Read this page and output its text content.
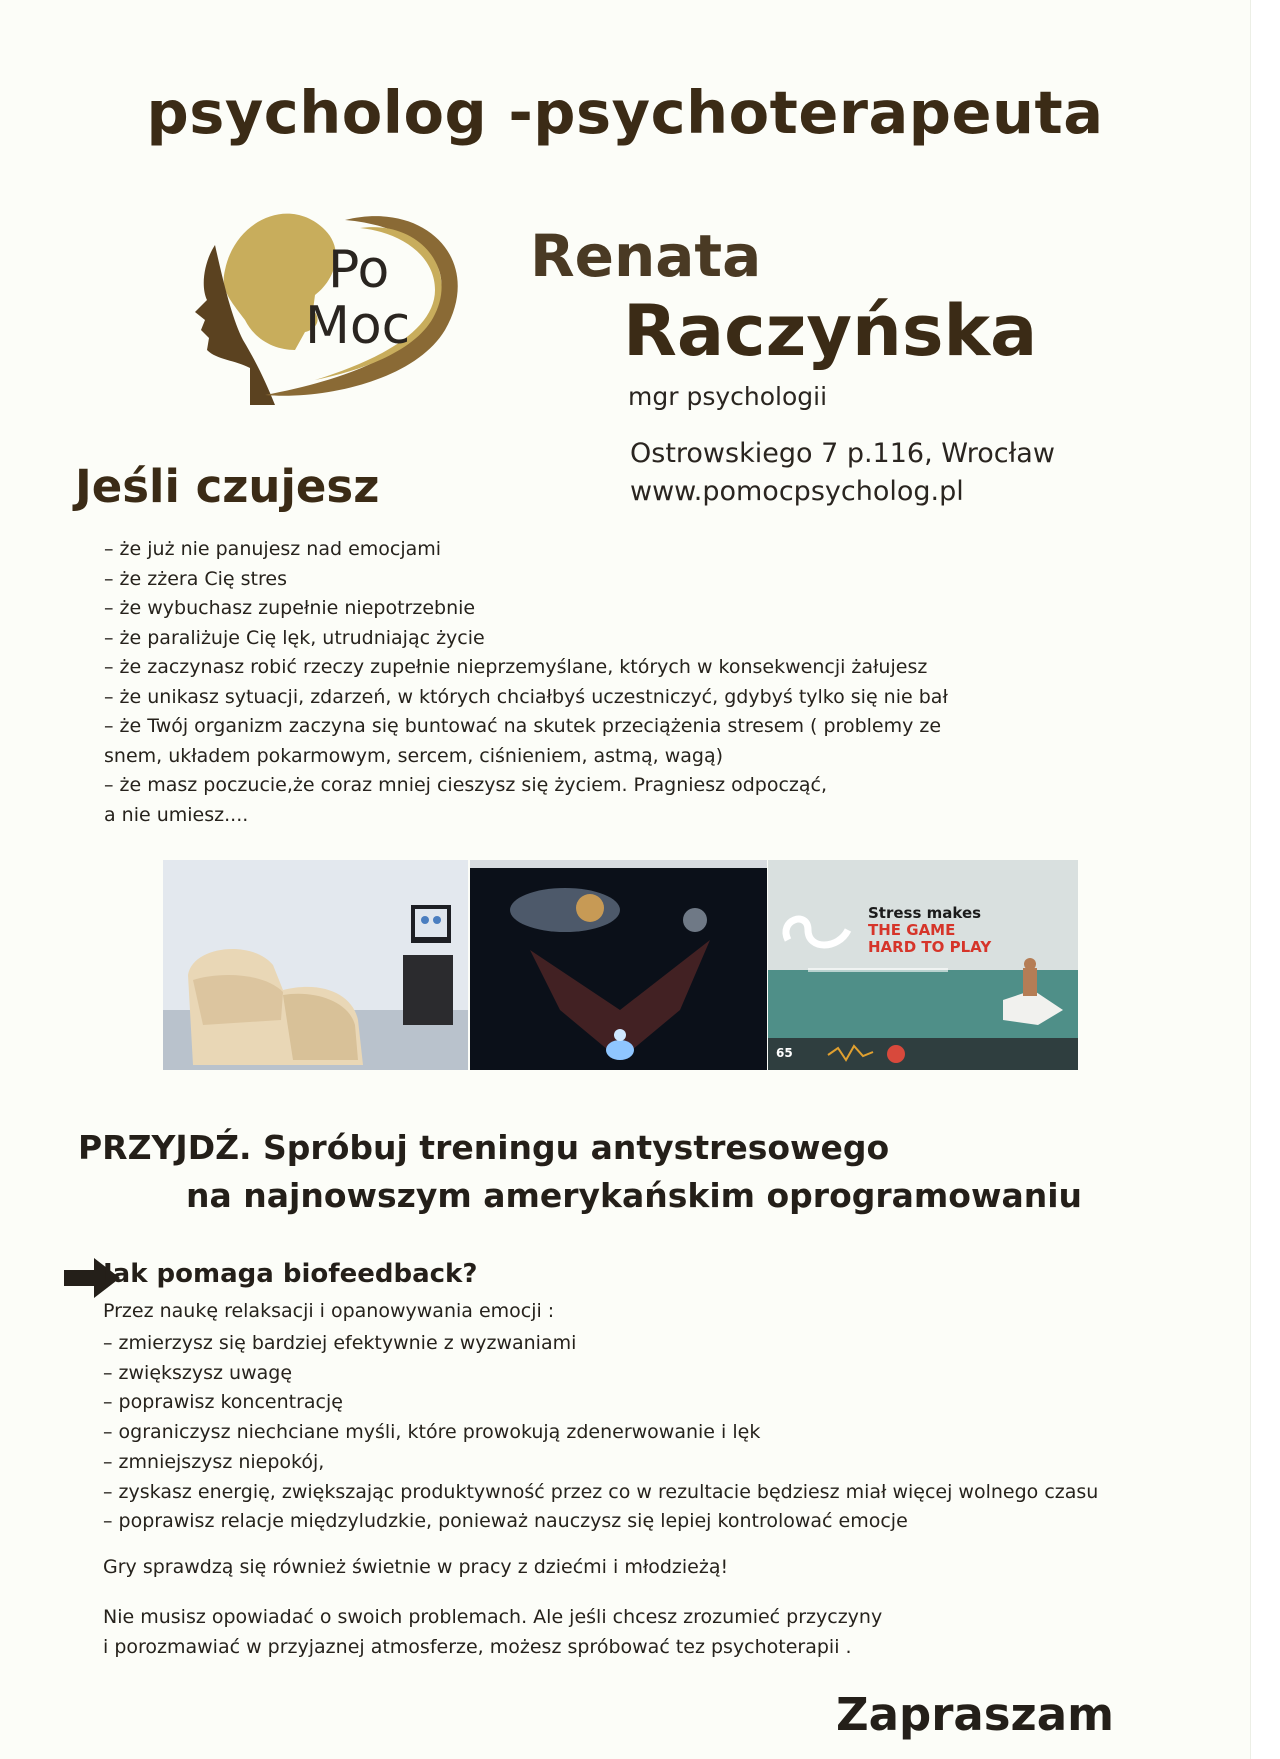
psycholog -psychoterapeuta
Po
Moc
Renata
Raczyńska
mgr psychologii
Ostrowskiego 7 p.116, Wrocław
www.pomocpsycholog.pl
Jeśli czujesz
– że już nie panujesz nad emocjami
– że zżera Cię stres
– że wybuchasz zupełnie niepotrzebnie
– że paraliżuje Cię lęk, utrudniając życie
– że zaczynasz robić rzeczy zupełnie nieprzemyślane, których w konsekwencji żałujesz
– że unikasz sytuacji, zdarzeń, w których chciałbyś uczestniczyć, gdybyś tylko się nie bał
– że Twój organizm zaczyna się buntować na skutek przeciążenia stresem ( problemy ze
snem, układem pokarmowym, sercem, ciśnieniem, astmą, wagą)
– że masz poczucie,że coraz mniej cieszysz się życiem. Pragniesz odpocząć,
a nie umiesz....
Stress makes
THE GAME
HARD TO PLAY
65
PRZYJDŹ. Spróbuj treningu antystresowego
na najnowszym amerykańskim oprogramowaniu
Jak pomaga biofeedback?
Przez naukę relaksacji i opanowywania emocji :
– zmierzysz się bardziej efektywnie z wyzwaniami
– zwiększysz uwagę
– poprawisz koncentrację
– ograniczysz niechciane myśli, które prowokują zdenerwowanie i lęk
– zmniejszysz niepokój,
– zyskasz energię, zwiększając produktywność przez co w rezultacie będziesz miał więcej wolnego czasu
– poprawisz relacje międzyludzkie, ponieważ nauczysz się lepiej kontrolować emocje
Gry sprawdzą się również świetnie w pracy z dziećmi i młodzieżą!
Nie musisz opowiadać o swoich problemach. Ale jeśli chcesz zrozumieć przyczyny
i porozmawiać w przyjaznej atmosferze, możesz spróbować tez psychoterapii .
Zapraszam
